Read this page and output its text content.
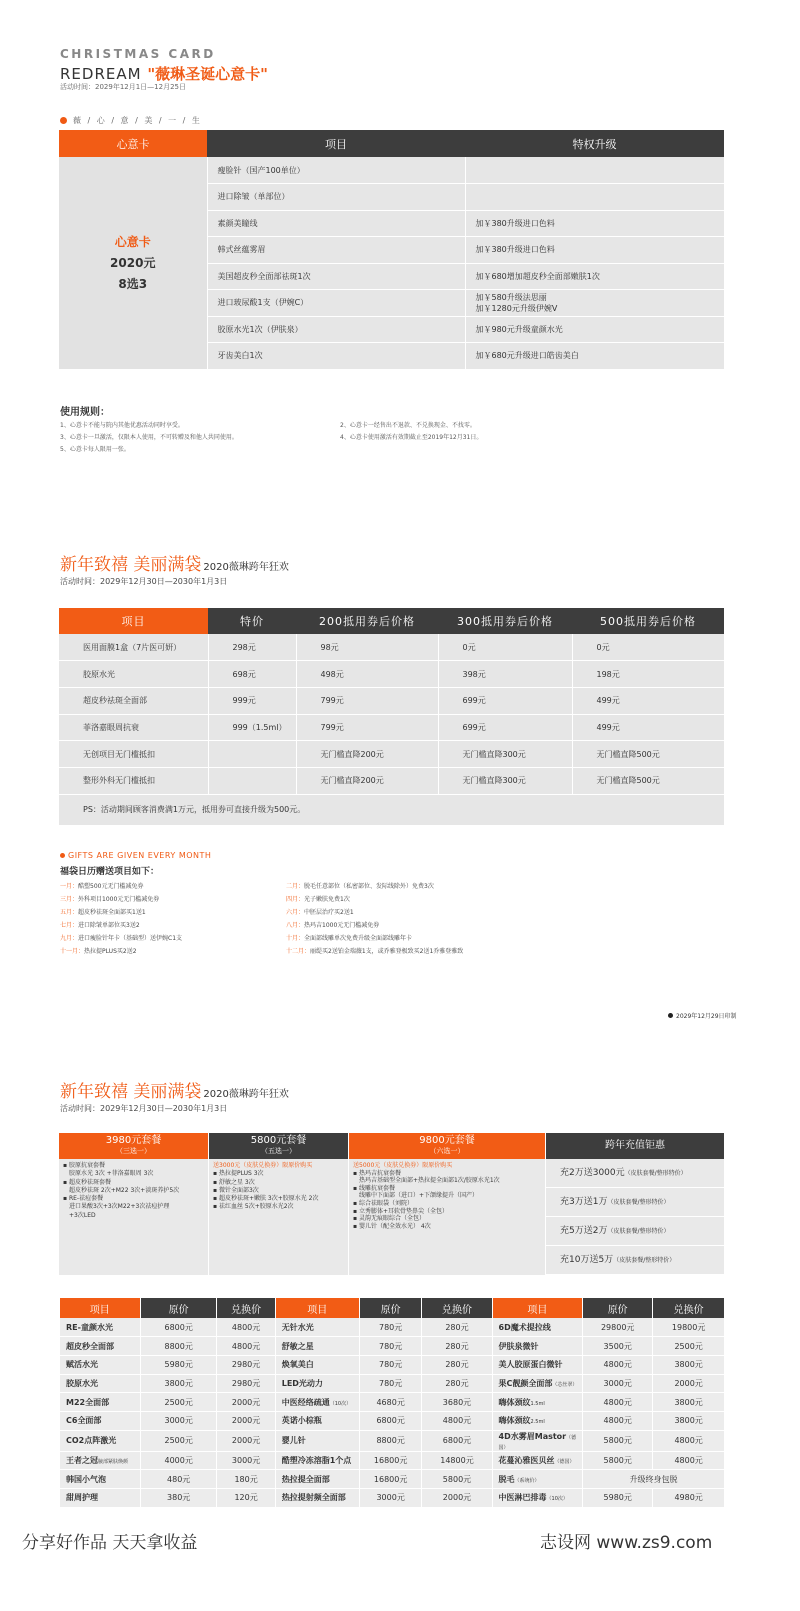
CHRISTMAS CARD
REDREAM "薇琳圣诞心意卡"
活动时间：2029年12月1日—12月25日
薇 / 心 / 意 / 美 / 一 / 生
心意卡	项目	特权升级

心意卡
2020元
8选3	瘦脸针（国产100单位）	
	进口除皱（单部位）	
	素颜美瞳线	加￥380升级进口色料
	韩式丝蕴雾眉	加￥380升级进口色料
	美国超皮秒全面部祛斑1次	加￥680增加超皮秒全面部嫩肤1次
	进口玻尿酸1支（伊婉C）	加￥580升级法思丽
加￥1280元升级伊婉V

	胶原水光1次（伊肤泉）	加￥980元升级童颜水光
	牙齿美白1次	加￥680元升级进口皓齿美白
使用规则：
1、心意卡不能与院内其他优惠活动同时享受。	2、心意卡一经售出不退款、不兑换现金、不找零。
3、心意卡一旦激活，仅限本人使用，不可转赠及和他人共同使用。	4、心意卡使用激活有效期截止至2019年12月31日。
5、心意卡每人限用一张。
新年致禧 美丽满袋 2020薇琳跨年狂欢
活动时间：2029年12月30日—2030年1月3日
项目	特价	200抵用券后价格	300抵用券后价格	500抵用券后价格
医用面膜1盒（7片医可妍）	298元	98元	0元	0元
胶原水光	698元	498元	398元	198元
超皮秒祛斑全面部	999元	799元	699元	499元
菲洛嘉眼周抗衰	999（1.5ml）	799元	699元	499元
无创项目无门槛抵扣		无门槛直降200元	无门槛直降300元	无门槛直降500元
整形外科无门槛抵扣		无门槛直降200元	无门槛直降300元	无门槛直降500元
PS：活动期间顾客消费满1万元，抵用券可直接升级为500元。				
GIFTS ARE GIVEN EVERY MONTH
福袋日历赠送项目如下：
一月：酷塑500元无门槛减免券
三月：外科项目1000元无门槛减免券
五月：超皮秒祛斑全面部买1送1
七月：进口除皱单部位买3送2
九月：进口瘦脸针年卡（基础型）送伊婉C1支
十一月：热拉提PLUS买2送2
二月：脱毛任意部位（私密部位、发际线除外）免费3次
四月：光子嫩肤免费1次
六月：中胚层治疗买2送1
八月：热玛吉1000元无门槛减免券
十月：全面部线雕单次免费升级全面部线雕年卡
十二月：丽缇买2送铂金瑞薇1支，或乔雅登极致买2送1乔雅登雅致
2029年12月29日印制
新年致禧 美丽满袋 2020薇琳跨年狂欢
活动时间：2029年12月30日—2030年1月3日
3980元套餐
（三选一）
▪ 胶原抗衰套餐
　胶原水光 3次 +菲洛嘉眼周 3次
▪ 超皮秒祛斑套餐
　超皮秒祛斑 2次+M22 3次+淡斑养护5次
▪ RE-祛痘套餐
　进口果酸3次+3次M22+3次祛痘护理
　+3次LED
5800元套餐
（五选一）
送3000元（皮肤兑换券）限原价购买
▪ 热拉提PLUS 3次
▪ 舒敏之星 3次
▪ 微针全面部3次
▪ 超皮秒祛斑+嫩肤 3次+胶原水光 2次
▪ 祛红血丝 5次+胶原水光2次
9800元套餐
（六选一）
送5000元（皮肤兑换券）限原价购买
▪ 热玛吉抗衰套餐
　热玛吉基础型全面部+热拉提全面部1次/胶原水光1次
▪ 线雕抗衰套餐
　线雕中下面部（进口）+下颌缘提升（国产）
▪ 综合祛眼袋（刘院）
▪ 立秀膨体+耳软骨垫鼻尖（全包）
▪ 灵韵无痕眼综合（全包）
▪ 婴儿针（配全效水光） 4次
跨年充值钜惠
充2万送3000元（皮肤套餐/整形特价）
充3万送1万（皮肤套餐/整形特价）
充5万送2万（皮肤套餐/整形特价）
充10万送5万（皮肤套餐/整形特价）
项目	原价	兑换价	项目	原价	兑换价	项目	原价	兑换价
RE-童颜水光	6800元	4800元	无针水光	780元	280元	6D魔术提拉线	29800元	19800元
超皮秒全面部	8800元	4800元	舒敏之星	780元	280元	伊肤泉微针	3500元	2500元
赋活水光	5980元	2980元	焕氧美白	780元	280元	美人胶原蛋白微针	4800元	3800元
胶原水光	3800元	2980元	LED光动力	780元	280元	果C靓颜全面部（芯丝翠）	3000元	2000元
M22全面部	2500元	2000元	中医经络疏通（10次）	4680元	3680元	嗨体颈纹1.5ml	4800元	3800元
C6全面部	3000元	2000元	英诺小棕瓶	6800元	4800元	嗨体颈纹2.5ml	4800元	3800元
CO2点阵激光	2500元	2000元	婴儿针	8800元	6800元	4D水雾眉Mastor（德国）	5800元	4800元
王者之冠腋部紧肤焕颜	4000元	3000元	酷塑冷冻溶脂1个点	16800元	14800元	花蔓沁雅医贝丝（德国）	5800元	4800元
韩国小气泡	480元	180元	热拉提全面部	16800元	5800元	脱毛（系统价）	升级终身包脱	
甜周护理	380元	120元	热拉提射频全面部	3000元	2000元	中医淋巴排毒（10次）	5980元	4980元
分享好作品 天天拿收益	志设网 www.zs9.com
